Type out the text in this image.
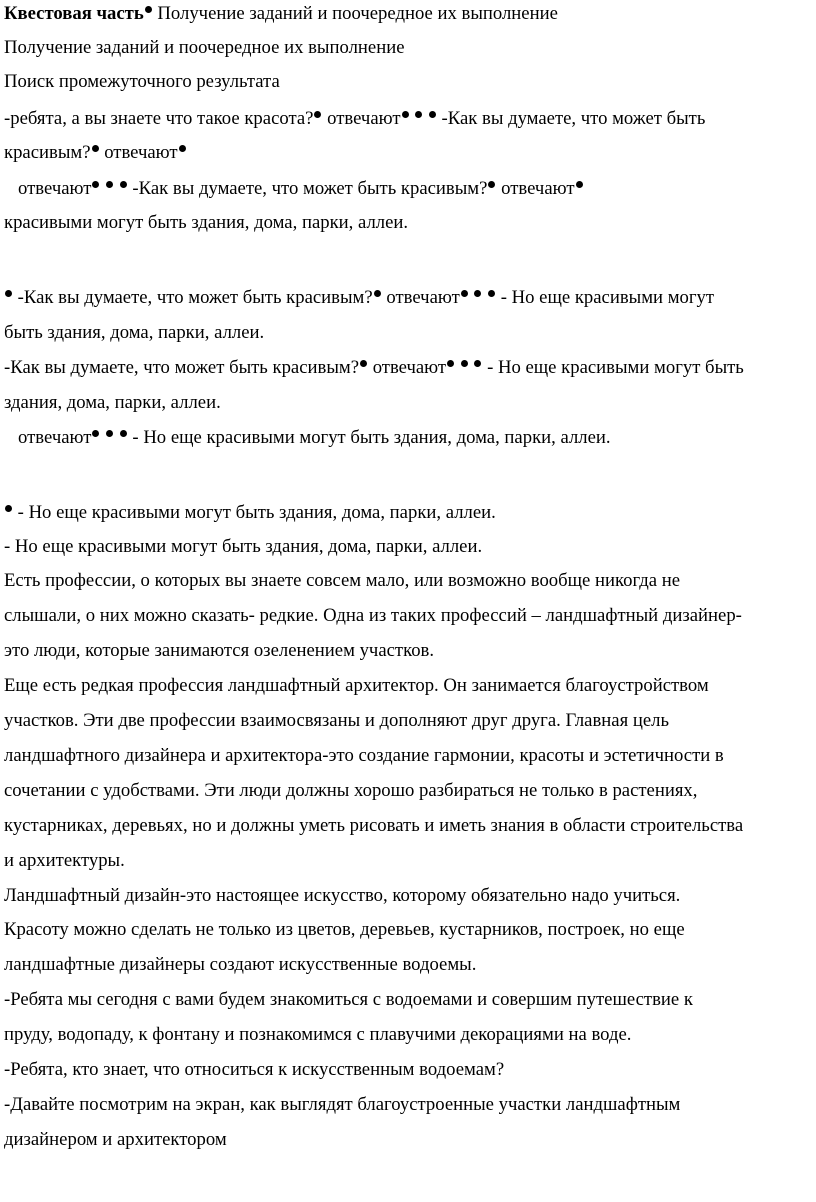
Квестовая часть Получение заданий и поочередное их выполнение
Получение заданий и поочередное их выполнение
Поиск промежуточного результата
-ребята, а вы знаете что такое красота? отвечают   -Как вы думаете, что может быть
красивым? отвечают
отвечают   -Как вы думаете, что может быть красивым? отвечают
красивыми могут быть здания, дома, парки, аллеи.
-Как вы думаете, что может быть красивым? отвечают   - Но еще красивыми могут
быть здания, дома, парки, аллеи.
-Как вы думаете, что может быть красивым? отвечают   - Но еще красивыми могут быть
здания, дома, парки, аллеи.
отвечают   - Но еще красивыми могут быть здания, дома, парки, аллеи.
- Но еще красивыми могут быть здания, дома, парки, аллеи.
- Но еще красивыми могут быть здания, дома, парки, аллеи.
Есть профессии, о которых вы знаете совсем мало, или возможно вообще никогда не
слышали, о них можно сказать- редкие. Одна из таких профессий – ландшафтный дизайнер-
это люди, которые занимаются озеленением участков.
Еще есть редкая профессия ландшафтный архитектор. Он занимается благоустройством
участков. Эти две профессии взаимосвязаны и дополняют друг друга. Главная цель
ландшафтного дизайнера и архитектора-это создание гармонии, красоты и эстетичности в
сочетании с удобствами. Эти люди должны хорошо разбираться не только в растениях,
кустарниках, деревьях, но и должны уметь рисовать и иметь знания в области строительства
и архитектуры.
Ландшафтный дизайн-это настоящее искусство, которому обязательно надо учиться.
Красоту можно сделать не только из цветов, деревьев, кустарников, построек, но еще
ландшафтные дизайнеры создают искусственные водоемы.
-Ребята мы сегодня с вами будем знакомиться с водоемами и совершим путешествие к
пруду, водопаду, к фонтану и познакомимся с плавучими декорациями на воде.
-Ребята, кто знает, что относиться к искусственным водоемам?
-Давайте посмотрим на экран, как выглядят благоустроенные участки ландшафтным
дизайнером и архитектором
